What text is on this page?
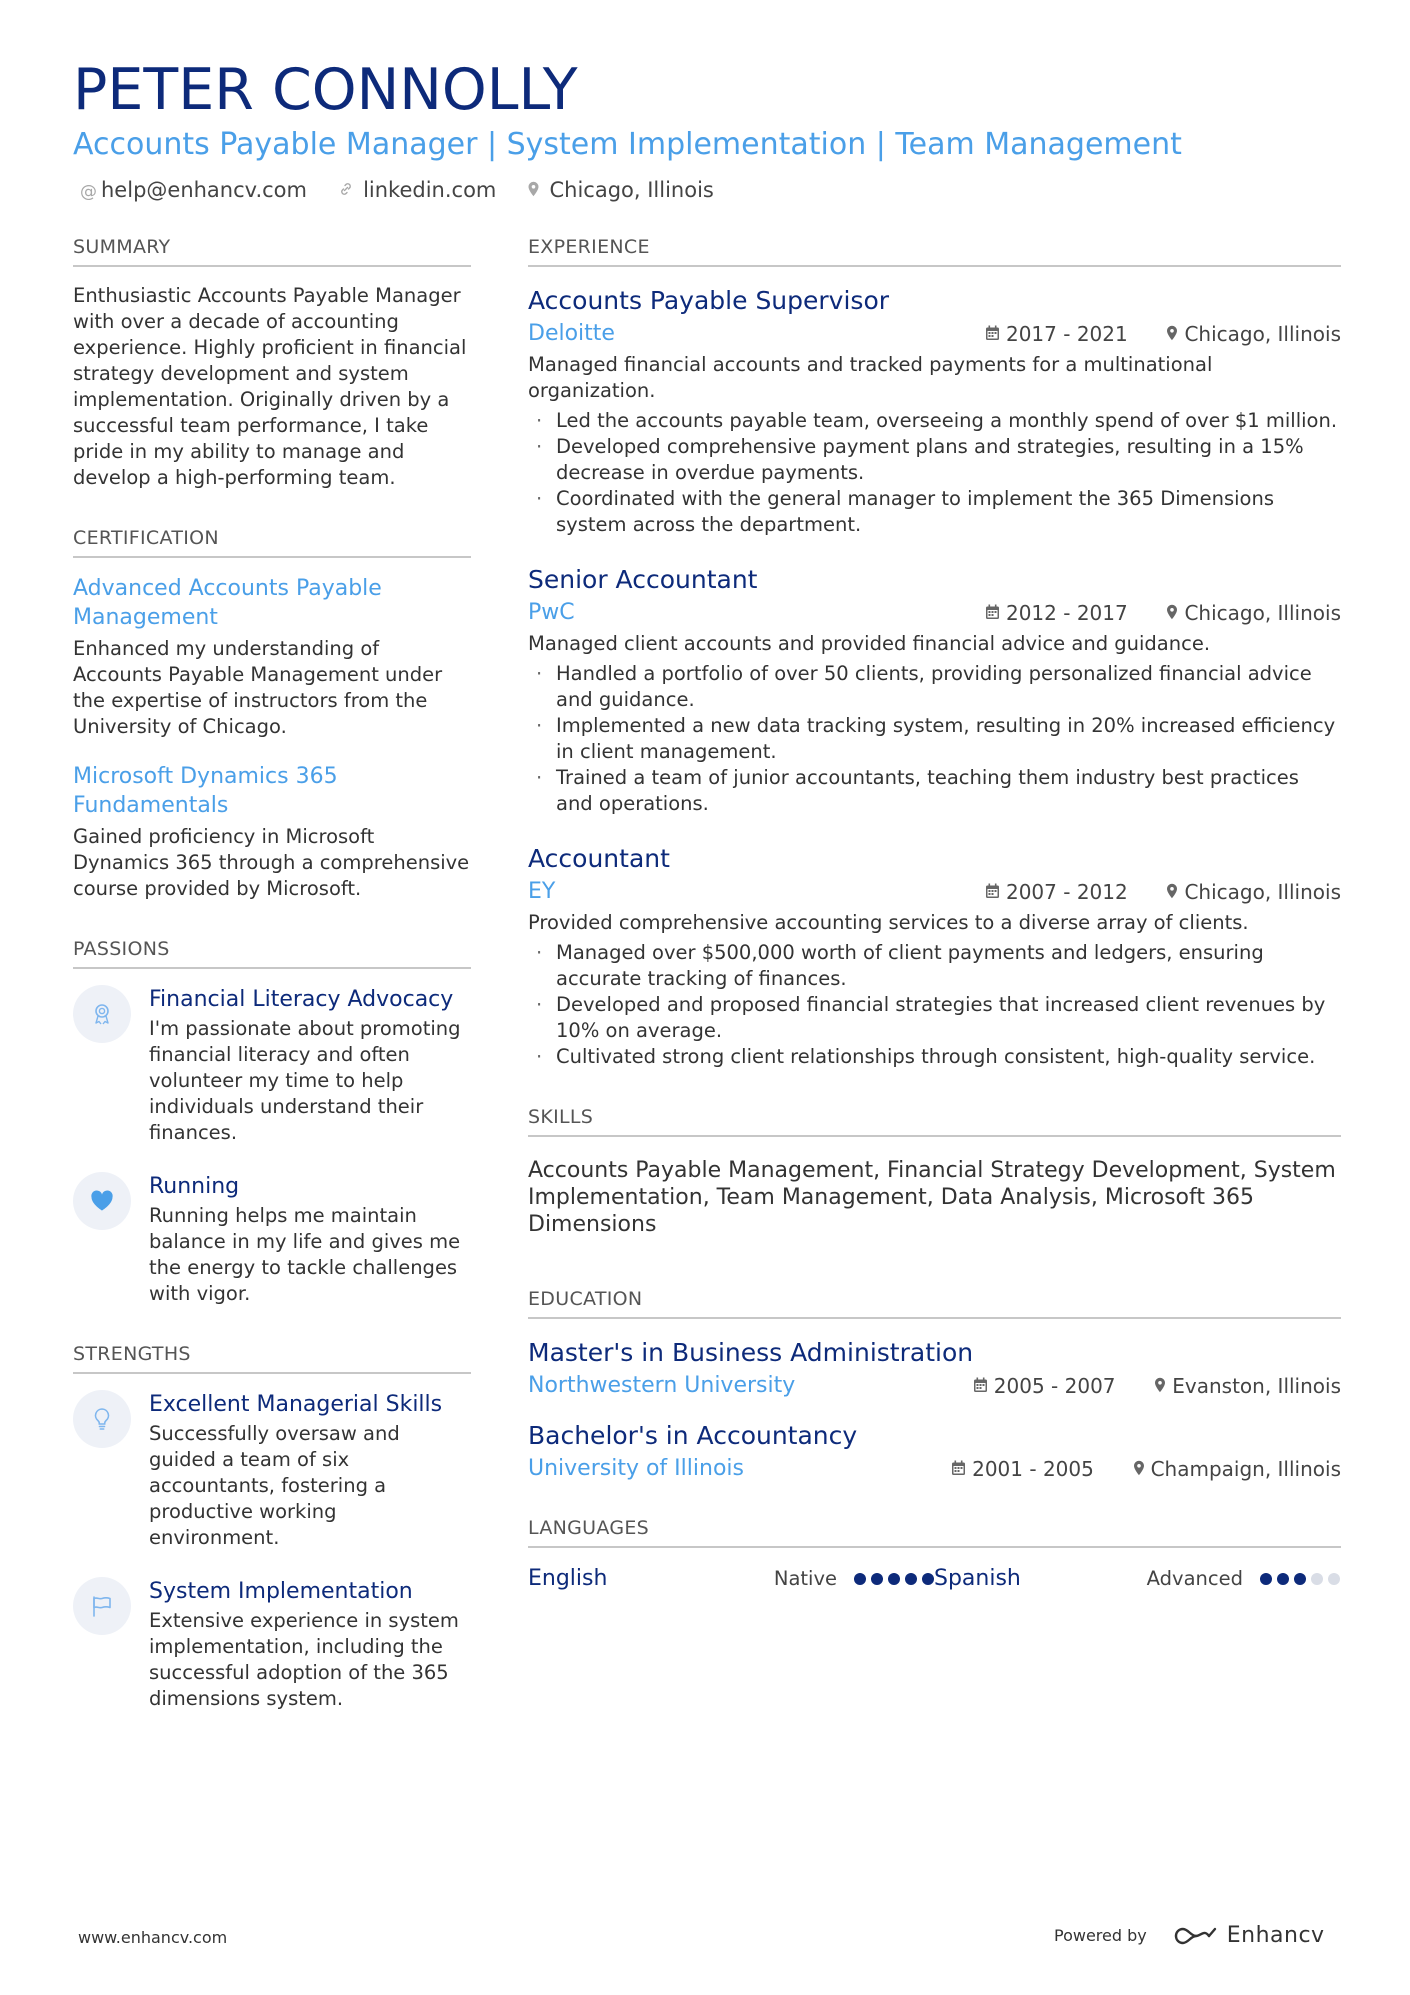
PETER CONNOLLY
Accounts Payable Manager | System Implementation | Team Management
@ help@enhancv.com	linkedin.com	Chicago, Illinois
SUMMARY
Enthusiastic Accounts Payable Manager with over a decade of accounting experience. Highly proficient in financial strategy development and system implementation. Originally driven by a successful team performance, I take pride in my ability to manage and develop a high-performing team.
CERTIFICATION
Advanced Accounts Payable Management
Enhanced my understanding of Accounts Payable Management under the expertise of instructors from the University of Chicago.
Microsoft Dynamics 365 Fundamentals
Gained proficiency in Microsoft Dynamics 365 through a comprehensive course provided by Microsoft.
PASSIONS
Financial Literacy Advocacy
I'm passionate about promoting financial literacy and often volunteer my time to help individuals understand their finances.
Running
Running helps me maintain balance in my life and gives me the energy to tackle challenges with vigor.
STRENGTHS
Excellent Managerial Skills
Successfully oversaw and guided a team of six accountants, fostering a productive working environment.
System Implementation
Extensive experience in system implementation, including the successful adoption of the 365 dimensions system.
EXPERIENCE
Accounts Payable Supervisor
Deloitte	2017 - 2021	Chicago, Illinois
Managed financial accounts and tracked payments for a multinational organization.
· Led the accounts payable team, overseeing a monthly spend of over $1 million.
· Developed comprehensive payment plans and strategies, resulting in a 15% decrease in overdue payments.
· Coordinated with the general manager to implement the 365 Dimensions system across the department.
Senior Accountant
PwC	2012 - 2017	Chicago, Illinois
Managed client accounts and provided financial advice and guidance.
· Handled a portfolio of over 50 clients, providing personalized financial advice and guidance.
· Implemented a new data tracking system, resulting in 20% increased efficiency in client management.
· Trained a team of junior accountants, teaching them industry best practices and operations.
Accountant
EY	2007 - 2012	Chicago, Illinois
Provided comprehensive accounting services to a diverse array of clients.
· Managed over $500,000 worth of client payments and ledgers, ensuring accurate tracking of finances.
· Developed and proposed financial strategies that increased client revenues by 10% on average.
· Cultivated strong client relationships through consistent, high-quality service.
SKILLS
Accounts Payable Management, Financial Strategy Development, System Implementation, Team Management, Data Analysis, Microsoft 365 Dimensions
EDUCATION
Master's in Business Administration
Northwestern University	2005 - 2007	Evanston, Illinois
Bachelor's in Accountancy
University of Illinois	2001 - 2005	Champaign, Illinois
LANGUAGES
English	Native	Spanish	Advanced
www.enhancv.com	Powered by	Enhancv
